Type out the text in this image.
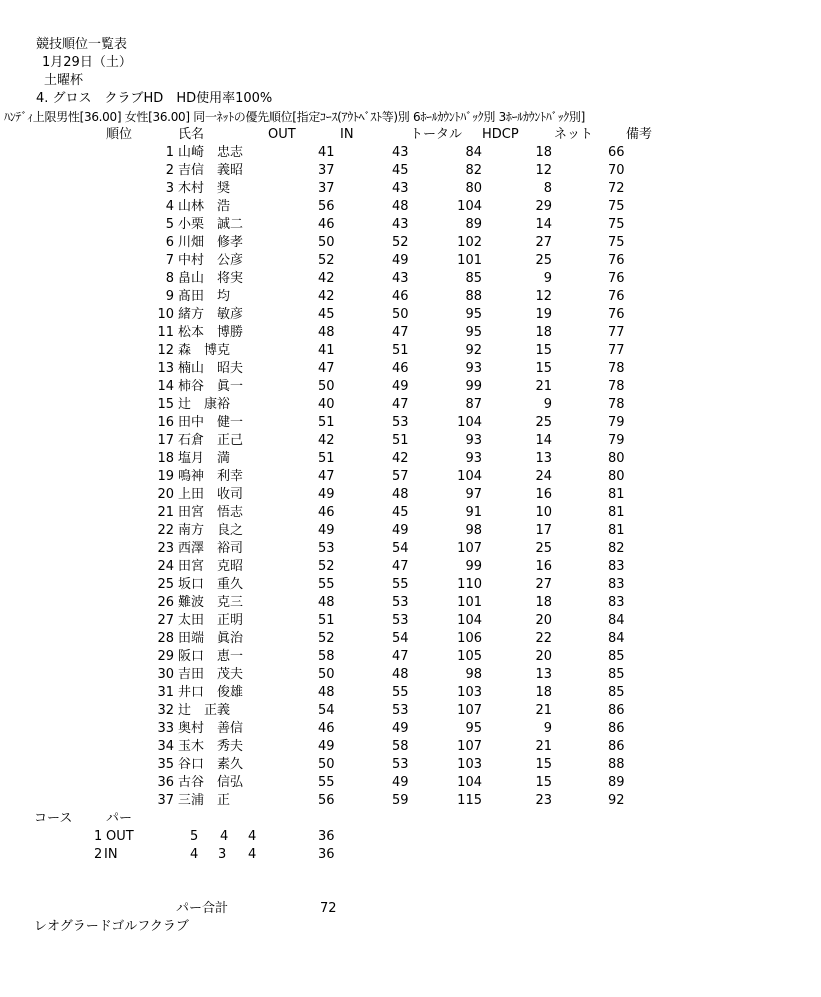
競技順位一覧表
1月29日（土）
土曜杯
4. グロス　クラブHD　HD使用率100%
ﾊﾝﾃﾞｨ上限男性[36.00] 女性[36.00] 同一ﾈｯﾄの優先順位[指定ｺｰｽ(ｱｳﾄﾍﾞｽﾄ等)別 6ﾎｰﾙｶｳﾝﾄﾊﾞｯｸ別 3ﾎｰﾙｶｳﾝﾄﾊﾞｯｸ別]
順位	氏名	OUT	IN	トータル HDCP	ネット	備考
1 山崎　忠志	41	43	84	18	66
2 吉信　義昭	37	45	82	12	70
3 木村　奨	37	43	80	8	72
4 山林　浩	56	48	104	29	75
5 小栗　誠二	46	43	89	14	75
6 川畑　修孝	50	52	102	27	75
7 中村　公彦	52	49	101	25	76
8 畠山　将実	42	43	85	9	76
9 髙田　均	42	46	88	12	76
10 緒方　敏彦	45	50	95	19	76
11 松本　博勝	48	47	95	18	77
12 森　博克	41	51	92	15	77
13 楠山　昭夫	47	46	93	15	78
14 柿谷　眞一	50	49	99	21	78
15 辻　康裕	40	47	87	9	78
16 田中　健一	51	53	104	25	79
17 石倉　正己	42	51	93	14	79
18 塩月　満	51	42	93	13	80
19 鳴神　利幸	47	57	104	24	80
20 上田　收司	49	48	97	16	81
21 田宮　悟志	46	45	91	10	81
22 南方　良之	49	49	98	17	81
23 西澤　裕司	53	54	107	25	82
24 田宮　克昭	52	47	99	16	83
25 坂口　重久	55	55	110	27	83
26 難波　克三	48	53	101	18	83
27 太田　正明	51	53	104	20	84
28 田端　眞治	52	54	106	22	84
29 阪口　恵一	58	47	105	20	85
30 吉田　茂夫	50	48	98	13	85
31 井口　俊雄	48	55	103	18	85
32 辻　正義	54	53	107	21	86
33 奥村　善信	46	49	95	9	86
34 玉木　秀夫	49	58	107	21	86
35 谷口　素久	50	53	103	15	88
36 古谷　信弘	55	49	104	15	89
37 三浦　正	56	59	115	23	92
コース	パー
1 OUT	5 4 4	36
2 IN	4 3 4	36
パー合計	72
レオグラードゴルフクラブ
